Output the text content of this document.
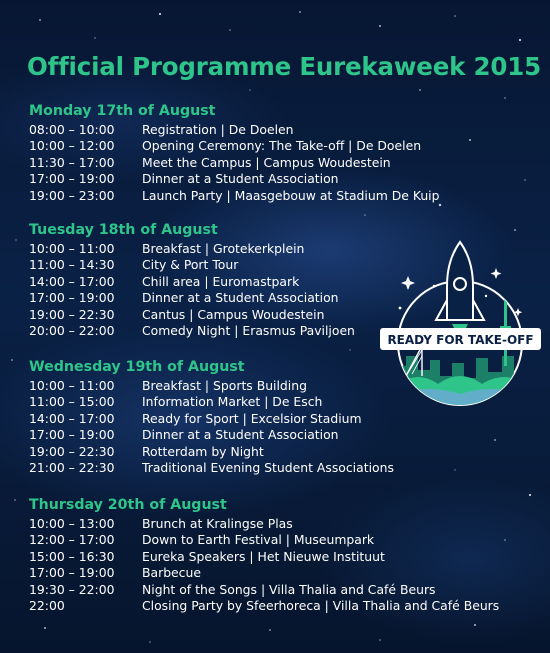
Official Programme Eurekaweek 2015
Monday 17th of August
08:00 – 10:00 Registration | De Doelen
10:00 – 12:00 Opening Ceremony: The Take-off | De Doelen
11:30 – 17:00 Meet the Campus | Campus Woudestein
17:00 – 19:00 Dinner at a Student Association
19:00 – 23:00 Launch Party | Maasgebouw at Stadium De Kuip
Tuesday 18th of August
10:00 – 11:00 Breakfast | Grotekerkplein
11:00 – 14:30 City & Port Tour
14:00 – 17:00 Chill area | Euromastpark
17:00 – 19:00 Dinner at a Student Association
19:00 – 22:30 Cantus | Campus Woudestein
20:00 – 22:00 Comedy Night | Erasmus Paviljoen
Wednesday 19th of August
10:00 – 11:00 Breakfast | Sports Building
11:00 – 15:00 Information Market | De Esch
14:00 – 17:00 Ready for Sport | Excelsior Stadium
17:00 – 19:00 Dinner at a Student Association
19:00 – 22:30 Rotterdam by Night
21:00 – 22:30 Traditional Evening Student Associations
Thursday 20th of August
10:00 – 13:00 Brunch at Kralingse Plas
12:00 – 17:00 Down to Earth Festival | Museumpark
15:00 – 16:30 Eureka Speakers | Het Nieuwe Instituut
17:00 – 19:00 Barbecue
19:30 – 22:00 Night of the Songs | Villa Thalia and Café Beurs
22:00	Closing Party by Sfeerhoreca | Villa Thalia and Café Beurs
READY FOR TAKE-OFF
